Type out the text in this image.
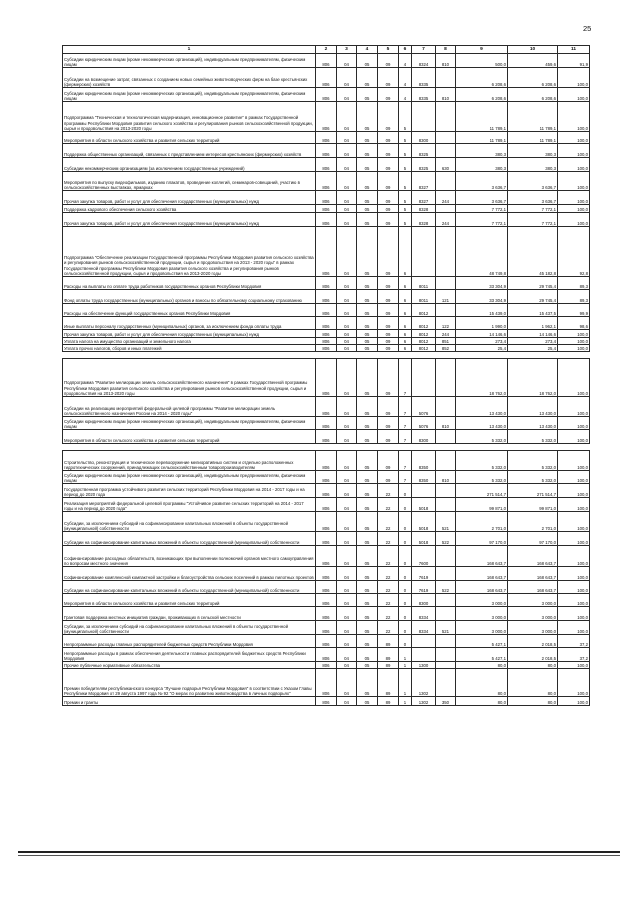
25
1	2	3	4	5	6	7	8	9	10	11
Субсидии юридическим лицам (кроме некоммерческих организаций), индивидуальным предпринимателям, физическим лицам	806	04	05	09	4	8324	810	500,0	459,6	91,9
Субсидии на возмещение затрат, связанных с созданием новых семейных животноводческих ферм на базе крестьянских (фермерских) хозяйств	806	04	05	09	4	8335		6 208,6	6 208,6	100,0
Субсидии юридическим лицам (кроме некоммерческих организаций), индивидуальным предпринимателям, физическим лицам	806	04	05	09	4	8335	810	6 208,6	6 208,6	100,0
Подпрограмма "Техническая и технологическая модернизация, инновационное развитие" в рамках Государственной программы Республики Мордовия развития сельского хозяйства и регулирования рынков сельскохозяйственной продукции, сырья и продовольствия на 2013-2020 годы	806	04	05	09	5			11 789,1	11 789,1	100,0
Мероприятия в области сельского хозяйства и развития сельских территорий	806	04	05	09	5	8300		11 789,1	11 789,1	100,0
Поддержка общественных организаций, связанных с представлением интересов крестьянских (фермерских) хозяйств	806	04	05	09	5	8325		380,3	380,3	100,0
Субсидии некоммерческим организациям (за исключением государственных учреждений)	806	04	05	09	5	8325	630	380,3	380,3	100,0
Мероприятия по выпуску видеофильмов, изданию плакатов, проведение коллегий, семинаров-совещаний, участию в сельскохозяйственных выставках, ярмарках	806	04	05	09	5	8327		3 636,7	3 636,7	100,0
Прочая закупка товаров, работ и услуг для обеспечения государственных (муниципальных) нужд	806	04	05	09	5	8327	244	3 636,7	3 636,7	100,0
Поддержка кадрового обеспечения сельского хозяйства	806	04	05	09	5	8328		7 772,1	7 772,1	100,0
Прочая закупка товаров, работ и услуг для обеспечения государственных (муниципальных) нужд	806	04	05	09	5	8328	244	7 772,1	7 772,1	100,0
Подпрограмма "Обеспечение реализации Государственной программы Республики Мордовия развития сельского хозяйства и регулирования рынков сельскохозяйственной продукции, сырья и продовольствия на 2013 - 2020 годы" в рамках Государственной программы Республики Мордовия развития сельского хозяйства и регулирования рынков сельскохозяйственной продукции, сырья и продовольствия на 2013-2020 годы	806	04	05	09	6			48 749,8	45 182,8	92,8
Расходы на выплаты по оплате труда работников государственных органов Республики Мордовия	806	04	05	09	6	8011		33 304,9	29 745,4	89,3
Фонд оплаты труда государственных (муниципальных) органов и взносы по обязательному социальному страхованию	806	04	05	09	6	8011	121	33 304,9	29 745,4	89,3
Расходы на обеспечение функций государственных органов Республики Мордовия	806	04	05	09	6	8012		15 439,0	15 437,5	99,9
Иные выплаты персоналу государственных (муниципальных) органов, за исключением фонда оплаты труда	806	04	05	09	6	8012	122	1 990,0	1 962,1	98,6
Прочая закупка товаров, работ и услуг для обеспечения государственных (муниципальных) нужд	806	04	05	09	6	8012	244	14 146,6	14 146,6	100,0
Уплата налога на имущество организаций и земельного налога	806	04	05	09	6	8012	851	273,4	273,4	100,0
Уплата прочих налогов, сборов и иных платежей	806	04	05	09	6	8012	852	25,4	25,4	100,0

Подпрограмма "Развитие мелиорации земель сельскохозяйственного назначения" в рамках Государственной программы Республики Мордовия развития сельского хозяйства и регулирования рынков сельскохозяйственной продукции, сырья и продовольствия на 2013-2020 годы	806	04	05	09	7			18 762,0	18 762,0	100,0
Субсидии на реализацию мероприятий федеральной целевой программы "Развитие мелиорации земель сельскохозяйственного назначения России на 2014 - 2020 годы"	806	04	05	09	7	5076		13 430,0	13 430,0	100,0
Субсидии юридическим лицам (кроме некоммерческих организаций), индивидуальным предпринимателям, физическим лицам	806	04	05	09	7	5076	810	13 430,0	13 430,0	100,0
Мероприятия в области сельского хозяйства и развития сельских территорий	806	04	05	09	7	8300		5 332,0	5 332,0	100,0

Строительство, реконструкция и техническое перевооружение мелиоративных систем и отдельно расположенных гидротехнических сооружений, принадлежащих сельскохозяйственным товаропроизводителям	806	04	05	09	7	8350		5 332,0	5 332,0	100,0
Субсидии юридическим лицам (кроме некоммерческих организаций), индивидуальным предпринимателям, физическим лицам	806	04	05	09	7	8350	810	5 332,0	5 332,0	100,0
Государственная программа устойчивого развития сельских территорий Республики Мордовия на 2014 - 2017 годы и на период до 2020 года	806	04	05	22	0			271 514,7	271 514,7	100,0
Реализация мероприятий федеральной целевой программы "Устойчивое развитие сельских территорий на 2014 - 2017 годы и на период до 2020 года"	806	04	05	22	0	5018		99 871,0	99 871,0	100,0
Субсидии, за исключением субсидий на софинансирование капитальных вложений в объекты государственной (муниципальной) собственности	806	04	05	22	0	5018	521	2 701,0	2 701,0	100,0
Субсидии на софинансирование капитальных вложений в объекты государственной (муниципальной) собственности	806	04	05	22	0	5018	522	97 170,0	97 170,0	100,0
Софинансирование расходных обязательств, возникающих при выполнении полномочий органов местного самоуправления по вопросам местного значения	806	04	05	22	0	7600		168 643,7	168 643,7	100,0
Софинансирование комплексной компактной застройки и благоустройства сельских поселений в рамках пилотных проектов	806	04	05	22	0	7619		168 643,7	168 643,7	100,0
Субсидии на софинансирование капитальных вложений в объекты государственной (муниципальной) собственности	806	04	05	22	0	7619	522	168 643,7	168 643,7	100,0
Мероприятия в области сельского хозяйства и развития сельских территорий	806	04	05	22	0	8300		3 000,0	3 000,0	100,0
Грантовая поддержка местных инициатив граждан, проживающих в сельской местности	806	04	05	22	0	8334		3 000,0	3 000,0	100,0
Субсидии, за исключением субсидий на софинансирование капитальных вложений в объекты государственной (муниципальной) собственности	806	04	05	22	0	8334	521	3 000,0	3 000,0	100,0
Непрограммные расходы главных распорядителей бюджетных средств Республики Мордовия	806	04	05	89	0			5 427,1	2 018,5	37,2
Непрограммные расходы в рамках обеспечения деятельности главных распорядителей бюджетных средств Республики Мордовия	806	04	05	89	1			5 427,1	2 018,5	37,2
Прочие публичные нормативные обязательства	806	04	05	89	1	1300		80,0	80,0	100,0
Премии победителям республиканского конкурса "Лучшие подворья Республики Мордовия" в соответствии с Указом Главы Республики Мордовия от 29 августа 1997 года № 92 "О мерах по развитию животноводства в личных подворьях"	806	04	05	89	1	1302		80,0	80,0	100,0
Премии и гранты	806	04	05	89	1	1302	350	80,0	80,0	100,0
